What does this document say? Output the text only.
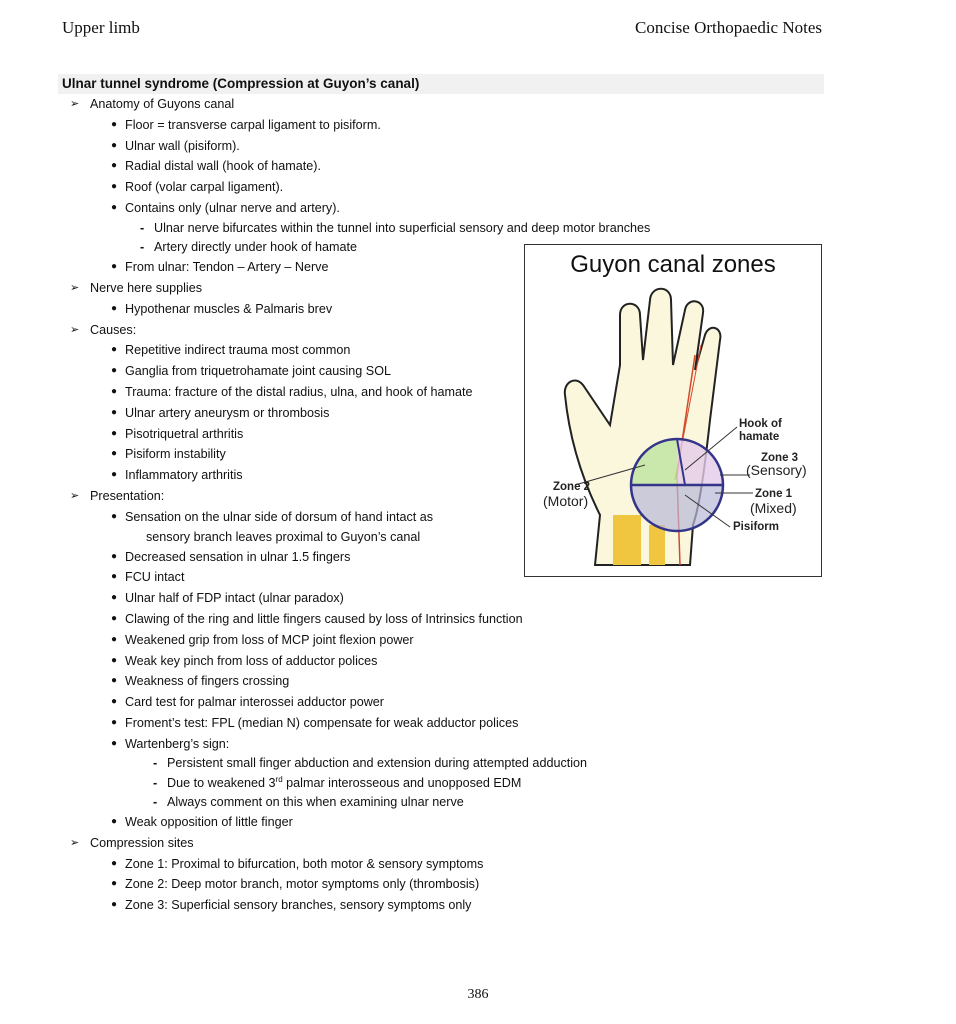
Upper limb	Concise Orthopaedic Notes
Ulnar tunnel syndrome (Compression at Guyon’s canal)
➢ Anatomy of Guyons canal
● Floor = transverse carpal ligament to pisiform.
● Ulnar wall (pisiform).
● Radial distal wall (hook of hamate).
● Roof (volar carpal ligament).
● Contains only (ulnar nerve and artery).
- Ulnar nerve bifurcates within the tunnel into superficial sensory and deep motor branches
- Artery directly under hook of hamate
● From ulnar: Tendon – Artery – Nerve
➢ Nerve here supplies
● Hypothenar muscles & Palmaris brev
➢ Causes:
● Repetitive indirect trauma most common
● Ganglia from triquetrohamate joint causing SOL
● Trauma: fracture of the distal radius, ulna, and hook of hamate
● Ulnar artery aneurysm or thrombosis
● Pisotriquetral arthritis
● Pisiform instability
● Inflammatory arthritis
➢ Presentation:
● Sensation on the ulnar side of dorsum of hand intact as
sensory branch leaves proximal to Guyon’s canal
● Decreased sensation in ulnar 1.5 fingers
● FCU intact
● Ulnar half of FDP intact (ulnar paradox)
● Clawing of the ring and little fingers caused by loss of Intrinsics function
● Weakened grip from loss of MCP joint flexion power
● Weak key pinch from loss of adductor polices
● Weakness of fingers crossing
● Card test for palmar interossei adductor power
● Froment’s test: FPL (median N) compensate for weak adductor polices
● Wartenberg’s sign:
- Persistent small finger abduction and extension during attempted adduction
- Due to weakened 3rd palmar interosseous and unopposed EDM
- Always comment on this when examining ulnar nerve
● Weak opposition of little finger
➢ Compression sites
● Zone 1: Proximal to bifurcation, both motor & sensory symptoms
● Zone 2: Deep motor branch, motor symptoms only (thrombosis)
● Zone 3: Superficial sensory branches, sensory symptoms only
Guyon canal zones
Hook of hamate
Zone 3
(Sensory)
Zone 1
(Mixed)
Pisiform
Zone 2
(Motor)
386
